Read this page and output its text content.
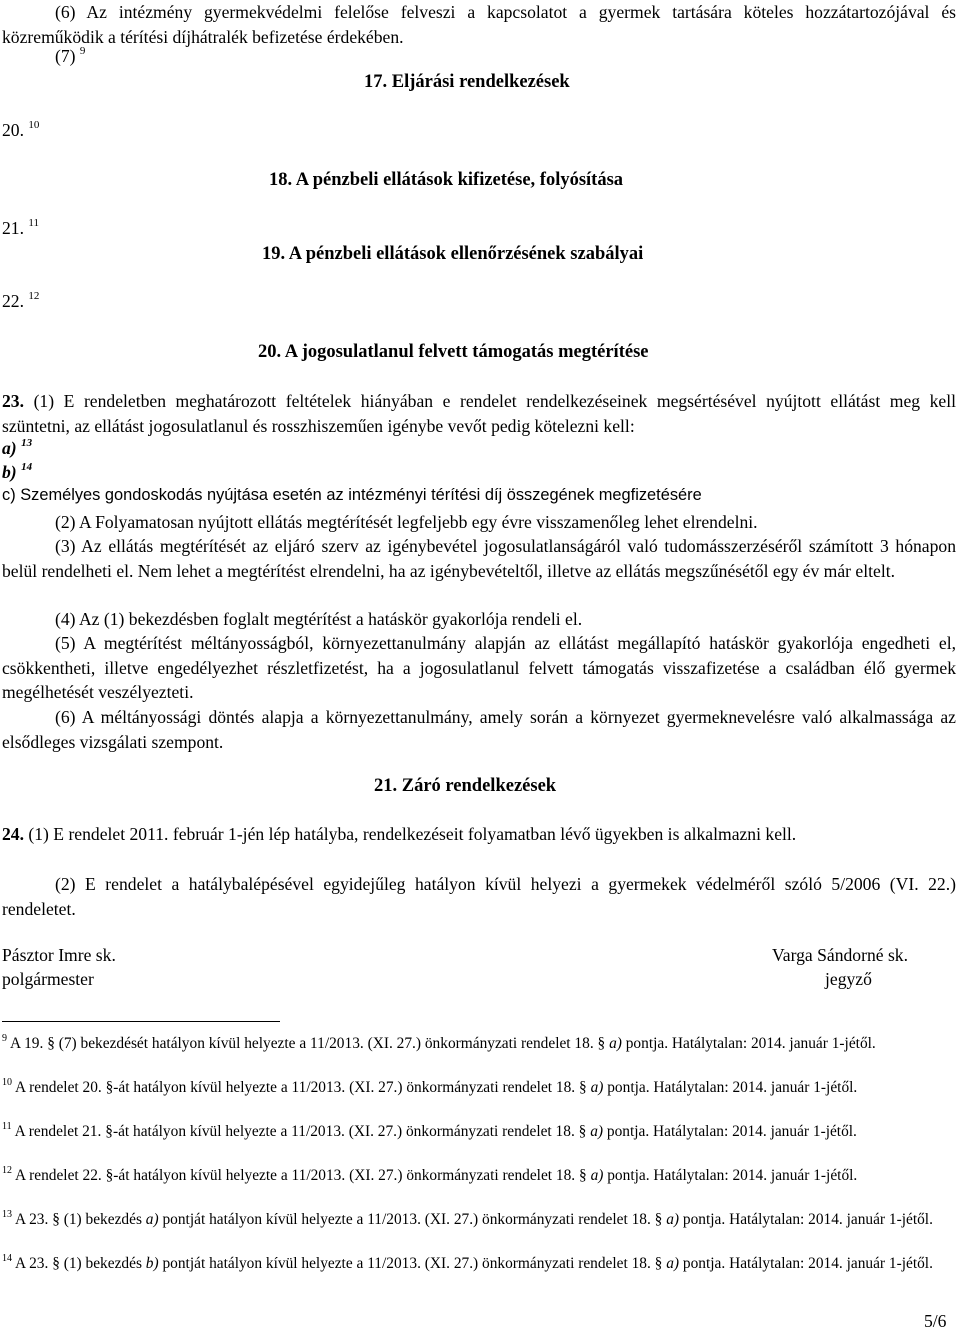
(6) Az intézmény gyermekvédelmi felelőse felveszi a kapcsolatot a gyermek tartására köteles hozzátartozójával és közreműködik a térítési díjhátralék befizetése érdekében.
(7) $^9$
17. Eljárási rendelkezések
20. $^{10}$
18. A pénzbeli ellátások kifizetése, folyósítása
21. $^{11}$
19. A pénzbeli ellátások ellenőrzésének szabályai
22. $^{12}$
20. A jogosulatlanul felvett támogatás megtérítése
23. (1) E rendeletben meghatározott feltételek hiányában e rendelet rendelkezéseinek megsértésével nyújtott ellátást meg kell szüntetni, az ellátást jogosulatlanul és rosszhiszeműen igénybe vevőt pedig kötelezni kell:
a) $^{13}$
b) $^{14}$
c) Személyes gondoskodás nyújtása esetén az intézményi térítési díj összegének megfizetésére
(2) A Folyamatosan nyújtott ellátás megtérítését legfeljebb egy évre visszamenőleg lehet elrendelni.
(3) Az ellátás megtérítését az eljáró szerv az igénybevétel jogosulatlanságáról való tudomásszerzéséről számított 3 hónapon belül rendelheti el. Nem lehet a megtérítést elrendelni, ha az igénybevételtől, illetve az ellátás megszűnésétől egy év már eltelt.
(4) Az (1) bekezdésben foglalt megtérítést a hatáskör gyakorlója rendeli el.
(5) A megtérítést méltányosságból, környezettanulmány alapján az ellátást megállapító hatáskör gyakorlója engedheti el, csökkentheti, illetve engedélyezhet részletfizetést, ha a jogosulatlanul felvett támogatás visszafizetése a családban élő gyermek megélhetését veszélyezteti.
(6) A méltányossági döntés alapja a környezettanulmány, amely során a környezet gyermeknevelésre való alkalmassága az elsődleges vizsgálati szempont.
21. Záró rendelkezések
24. (1) E rendelet 2011. február 1-jén lép hatályba, rendelkezéseit folyamatban lévő ügyekben is alkalmazni kell.
(2) E rendelet a hatálybalépésével egyidejűleg hatályon kívül helyezi a gyermekek védelméről szóló 5/2006 (VI. 22.) rendeletet.
Pásztor Imre sk.
polgármester
Varga Sándorné sk.
jegyző
$^9$ A 19. § (7) bekezdését hatályon kívül helyezte a 11/2013. (XI. 27.) önkormányzati rendelet 18. § a) pontja. Hatálytalan: 2014. január 1-jétől.
$^{10}$ A rendelet 20. §-át hatályon kívül helyezte a 11/2013. (XI. 27.) önkormányzati rendelet 18. § a) pontja. Hatálytalan: 2014. január 1-jétől.
$^{11}$ A rendelet 21. §-át hatályon kívül helyezte a 11/2013. (XI. 27.) önkormányzati rendelet 18. § a) pontja. Hatálytalan: 2014. január 1-jétől.
$^{12}$ A rendelet 22. §-át hatályon kívül helyezte a 11/2013. (XI. 27.) önkormányzati rendelet 18. § a) pontja. Hatálytalan: 2014. január 1-jétől.
$^{13}$ A 23. § (1) bekezdés a) pontját hatályon kívül helyezte a 11/2013. (XI. 27.) önkormányzati rendelet 18. § a) pontja. Hatálytalan: 2014. január 1-jétől.
$^{14}$ A 23. § (1) bekezdés b) pontját hatályon kívül helyezte a 11/2013. (XI. 27.) önkormányzati rendelet 18. § a) pontja. Hatálytalan: 2014. január 1-jétől.
5/6
